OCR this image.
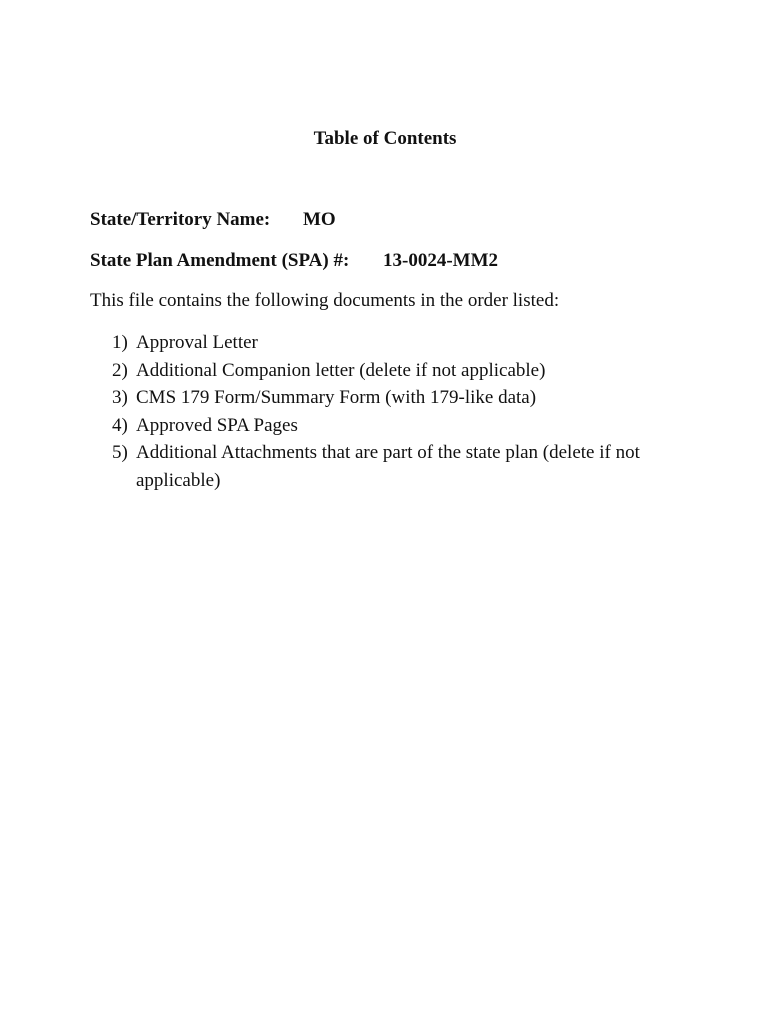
Table of Contents
State/Territory Name: MO
State Plan Amendment (SPA) #: 13-0024-MM2
This file contains the following documents in the order listed:
1) Approval Letter
2) Additional Companion letter (delete if not applicable)
3) CMS 179 Form/Summary Form (with 179-like data)
4) Approved SPA Pages
5) Additional Attachments that are part of the state plan (delete if not applicable)
